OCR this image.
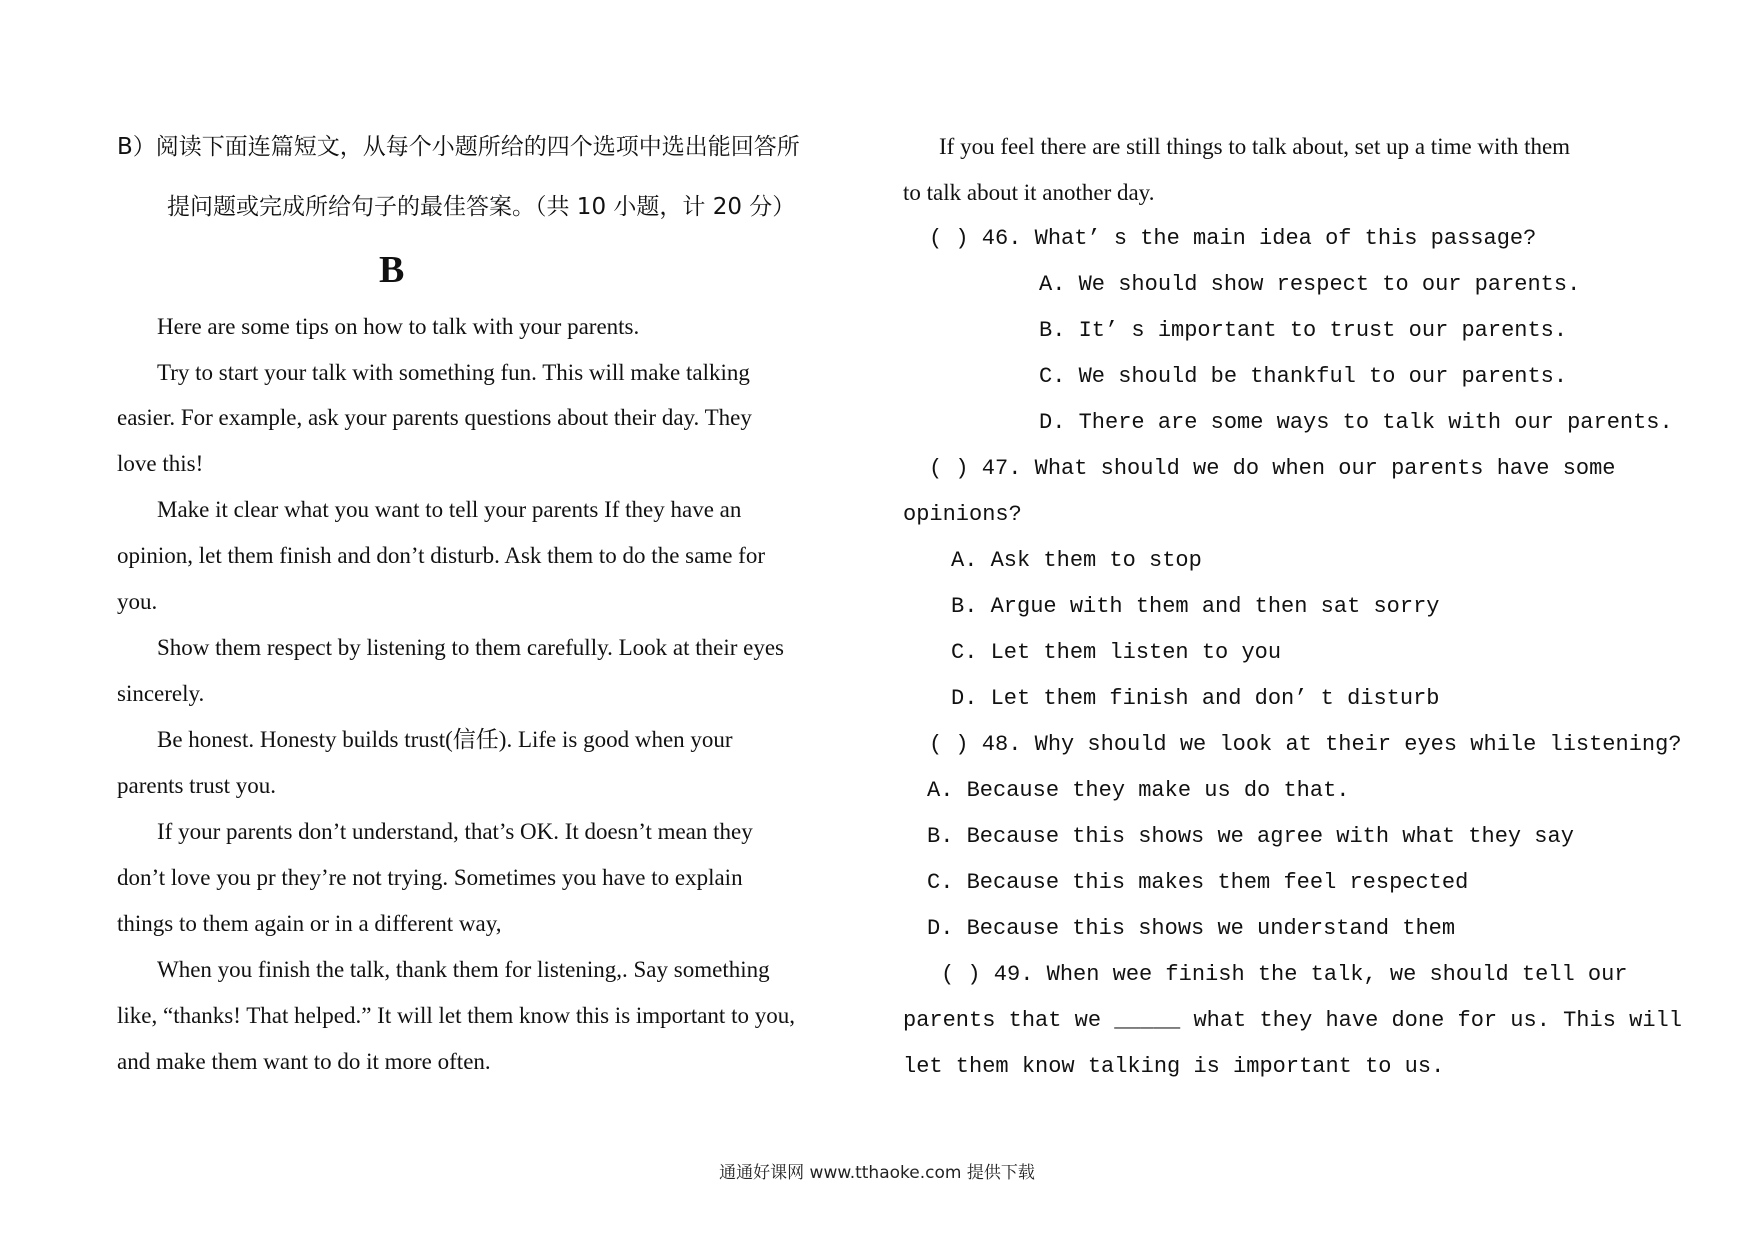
B）阅读下面连篇短文，从每个小题所给的四个选项中选出能回答所
提问题或完成所给句子的最佳答案。（共 10 小题，计 20 分）
B
Here are some tips on how to talk with your parents.
Try to start your talk with something fun. This will make talking
easier. For example, ask your parents questions about their day. They
love this!
Make it clear what you want to tell your parents If they have an
opinion, let them finish and don’t disturb. Ask them to do the same for
you.
Show them respect by listening to them carefully. Look at their eyes
sincerely.
Be honest. Honesty builds trust(信任). Life is good when your
parents trust you.
If your parents don’t understand, that’s OK. It doesn’t mean they
don’t love you pr they’re not trying. Sometimes you have to explain
things to them again or in a different way,
When you finish the talk, thank them for listening,. Say something
like, “thanks! That helped.” It will let them know this is important to you,
and make them want to do it more often.
If you feel there are still things to talk about, set up a time with them
to talk about it another day.
( ) 46. What’ s the main idea of this passage?
A. We should show respect to our parents.
B. It’ s important to trust our parents.
C. We should be thankful to our parents.
D. There are some ways to talk with our parents.
( ) 47. What should we do when our parents have some
opinions?
A. Ask them to stop
B. Argue with them and then sat sorry
C. Let them listen to you
D. Let them finish and don’ t disturb
( ) 48. Why should we look at their eyes while listening?
A. Because they make us do that.
B. Because this shows we agree with what they say
C. Because this makes them feel respected
D. Because this shows we understand them
( ) 49. When wee finish the talk, we should tell our
parents that we _____ what they have done for us. This will
let them know talking is important to us.
通通好课网 www.tthaoke.com 提供下载
